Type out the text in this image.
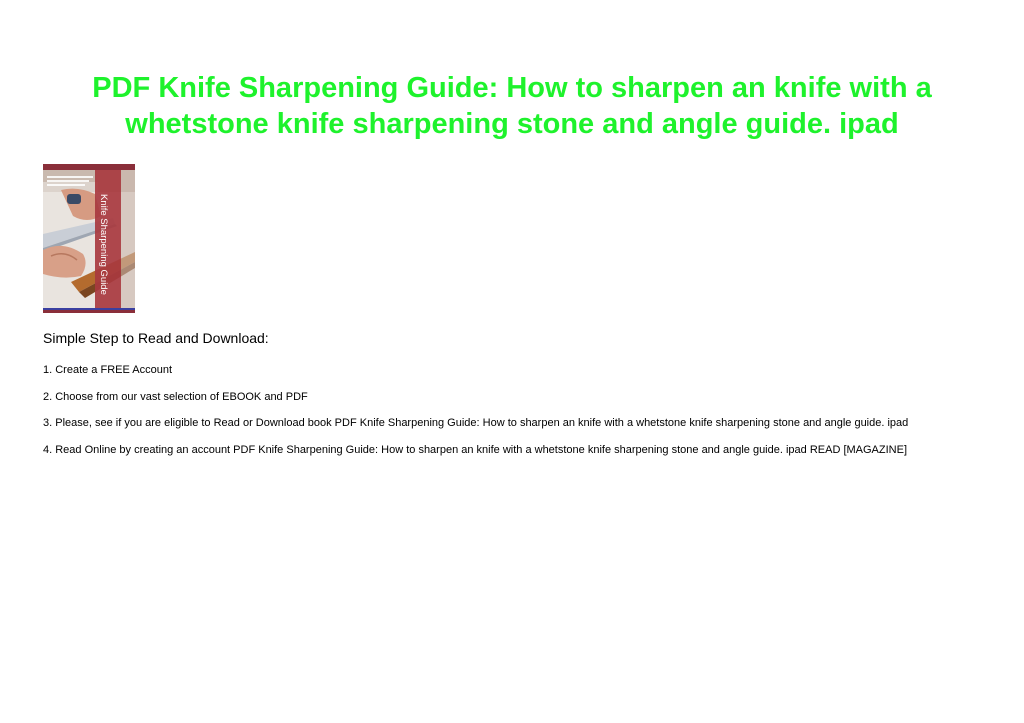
PDF Knife Sharpening Guide: How to sharpen an knife with a whetstone knife sharpening stone and angle guide. ipad
Knife Sharpening Guide

Simple Step to Read and Download:

1. Create a FREE Account
2. Choose from our vast selection of EBOOK and PDF
3. Please, see if you are eligible to Read or Download book PDF Knife Sharpening Guide: How to sharpen an knife with a whetstone knife sharpening stone and angle guide. ipad
4. Read Online by creating an account PDF Knife Sharpening Guide: How to sharpen an knife with a whetstone knife sharpening stone and angle guide. ipad READ [MAGAZINE]
